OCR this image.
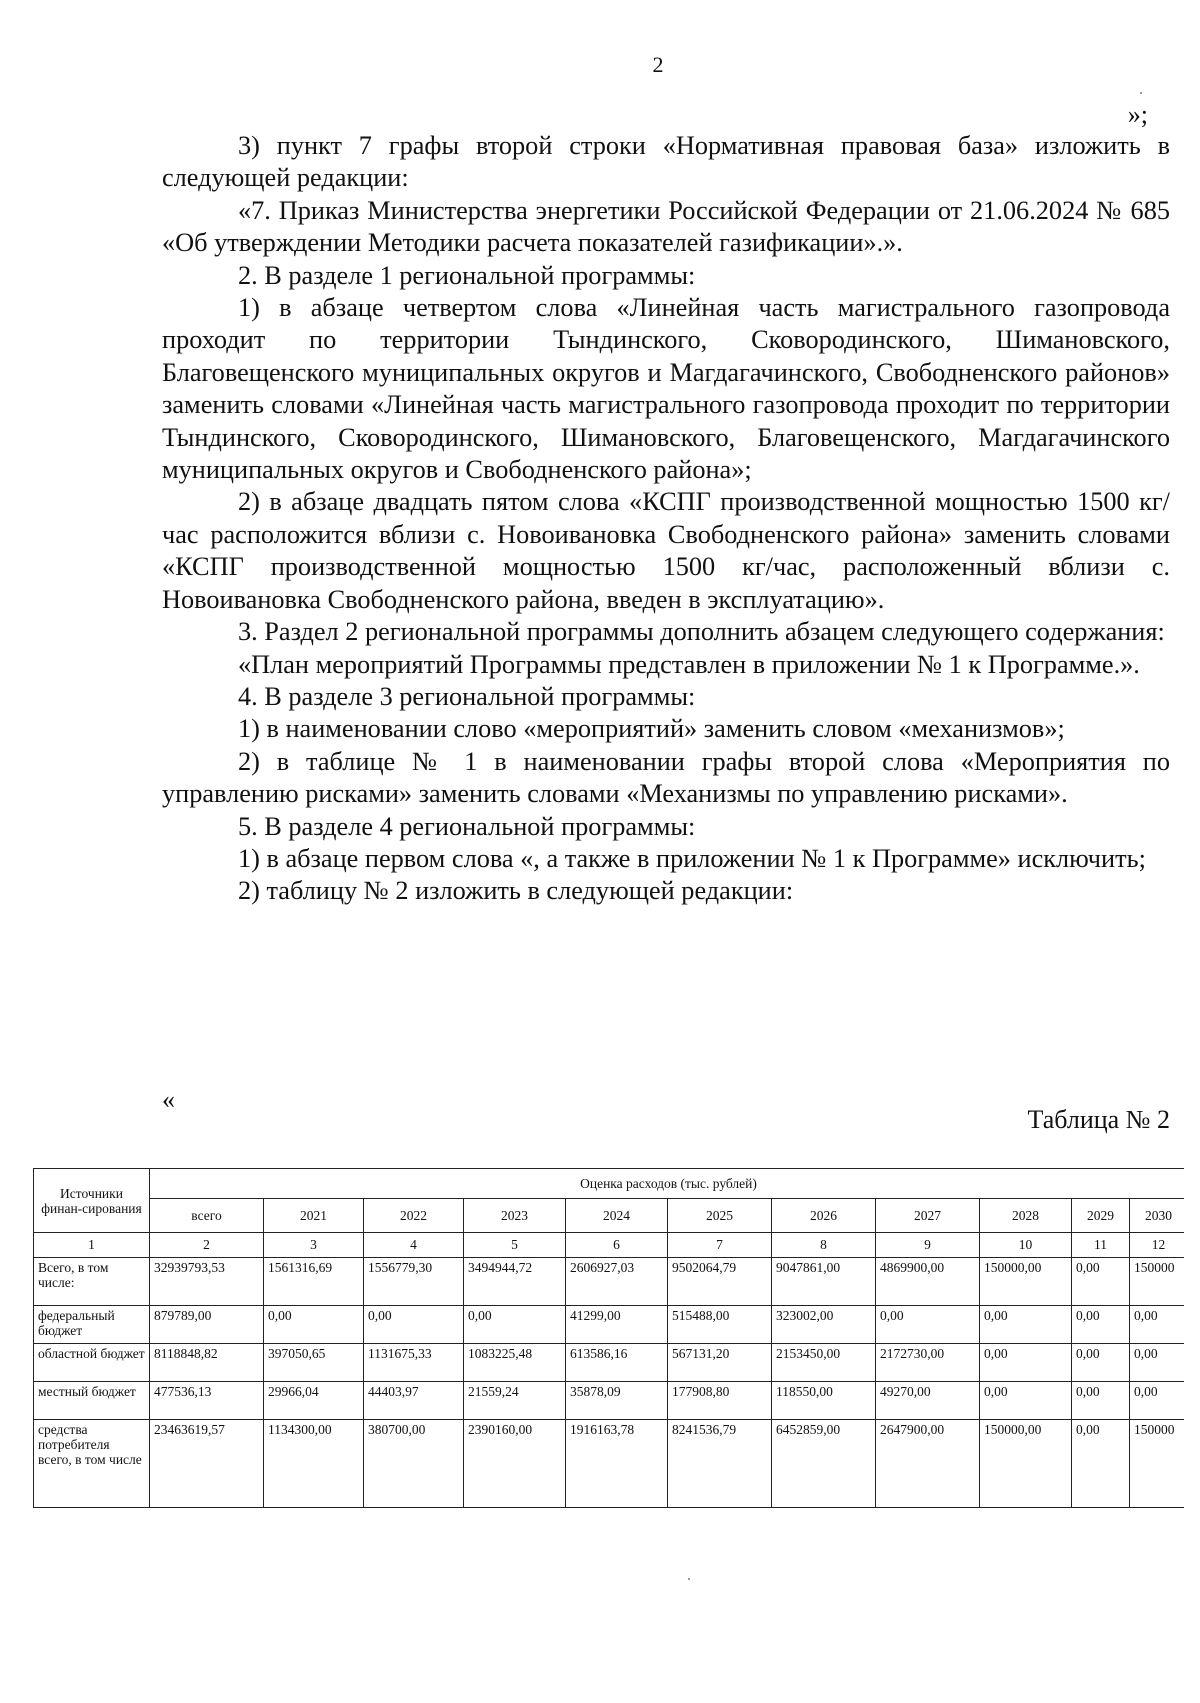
2
»;

3) пункт 7 графы второй строки «Нормативная правовая база» изложить в следующей редакции:

«7. Приказ Министерства энергетики Российской Федерации от 21.06.2024 № 685 «Об утверждении Методики расчета показателей газификации».».

2. В разделе 1 региональной программы:

1) в абзаце четвертом слова «Линейная часть магистрального газопровода проходит по территории Тындинского, Сковородинского, Шимановского, Благовещенского муниципальных округов и Магдагачинского, Свободненского районов» заменить словами «Линейная часть магистрального газопровода проходит по территории Тындинского, Сковородинского, Шимановского, Благовещенского, Магдагачинского муниципальных округов и Свободненского района»;

2) в абзаце двадцать пятом слова «КСПГ производственной мощностью 1500 кг/час расположится вблизи с. Новоивановка Свободненского района» заменить словами «КСПГ производственной мощностью 1500 кг/час, расположенный вблизи с. Новоивановка Свободненского района, введен в эксплуатацию».

3. Раздел 2 региональной программы дополнить абзацем следующего содержания:

«План мероприятий Программы представлен в приложении № 1 к Программе.».

4. В разделе 3 региональной программы:

1) в наименовании слово «мероприятий» заменить словом «механизмов»;

2) в таблице № 1 в наименовании графы второй слова «Мероприятия по управлению рисками» заменить словами «Механизмы по управлению рисками».

5. В разделе 4 региональной программы:

1) в абзаце первом слова «, а также в приложении № 1 к Программе» исключить;

2) таблицу № 2 изложить в следующей редакции:

«
Таблица № 2
Источники финан-сирования	Оценка расходов (тыс. рублей)										
	всего	2021	2022	2023	2024	2025	2026	2027	2028	2029	2030
1	2	3	4	5	6	7	8	9	10	11	12
Всего, в том числе:	32939793,53	1561316,69	1556779,30	3494944,72	2606927,03	9502064,79	9047861,00	4869900,00	150000,00	0,00	150000
федеральный бюджет	879789,00	0,00	0,00	0,00	41299,00	515488,00	323002,00	0,00	0,00	0,00	0,00
областной бюджет	8118848,82	397050,65	1131675,33	1083225,48	613586,16	567131,20	2153450,00	2172730,00	0,00	0,00	0,00
местный бюджет	477536,13	29966,04	44403,97	21559,24	35878,09	177908,80	118550,00	49270,00	0,00	0,00	0,00
средства потребителя всего, в том числе	23463619,57	1134300,00	380700,00	2390160,00	1916163,78	8241536,79	6452859,00	2647900,00	150000,00	0,00	150000
